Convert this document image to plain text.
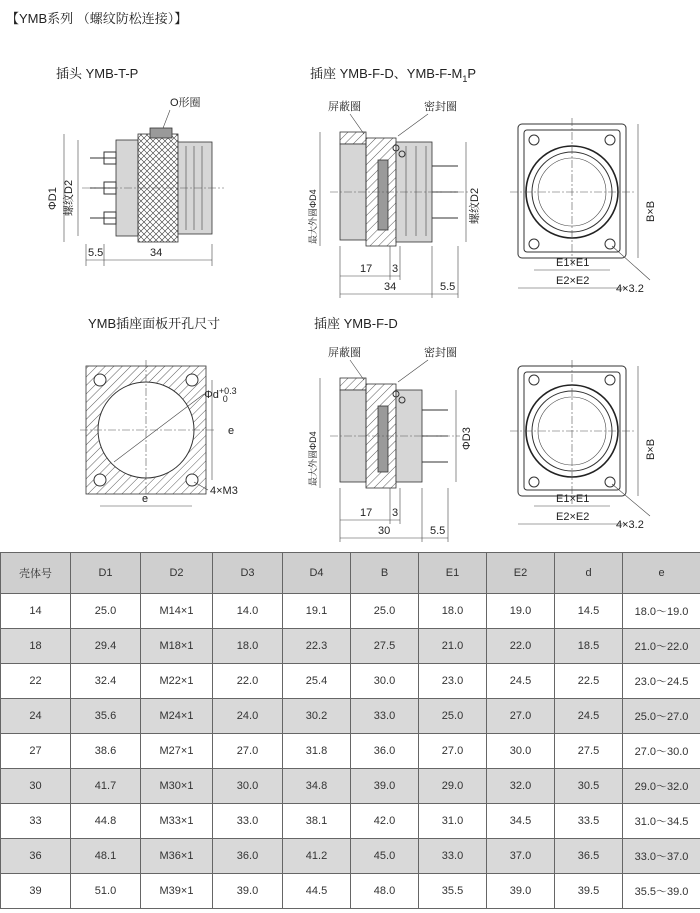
【YMB系列 （螺纹防松连接）】
插头 YMB-T-P
O形圈
ΦD1 螺纹D2
5.5	34
插座 YMB-F-D、YMB-$F-M_1P$
屏蔽圈	密封圈
最大外圆ΦD4	螺纹D2
17 3
34	5.5
B×B
E1×E1
E2×E2
4×3.2
YMB插座面板开孔尺寸
$\Phi d^{+0.3}$ 0
e
e
4×M3
插座 YMB-F-D
屏蔽圈	密封圈
最大外圆ΦD4	ΦD3
17 3
30	5.5
B×B
E1×E1
E2×E2
4×3.2
壳体号	D1	D2	D3	D4	B	E1	E2	d	e
14	25.0	M14×1	14.0	19.1	25.0	18.0	19.0	14.5	18.0～19.0
18	29.4	M18×1	18.0	22.3	27.5	21.0	22.0	18.5	21.0～22.0
22	32.4	M22×1	22.0	25.4	30.0	23.0	24.5	22.5	23.0～24.5
24	35.6	M24×1	24.0	30.2	33.0	25.0	27.0	24.5	25.0～27.0
27	38.6	M27×1	27.0	31.8	36.0	27.0	30.0	27.5	27.0～30.0
30	41.7	M30×1	30.0	34.8	39.0	29.0	32.0	30.5	29.0～32.0
33	44.8	M33×1	33.0	38.1	42.0	31.0	34.5	33.5	31.0～34.5
36	48.1	M36×1	36.0	41.2	45.0	33.0	37.0	36.5	33.0～37.0
39	51.0	M39×1	39.0	44.5	48.0	35.5	39.0	39.5	35.5～39.0
